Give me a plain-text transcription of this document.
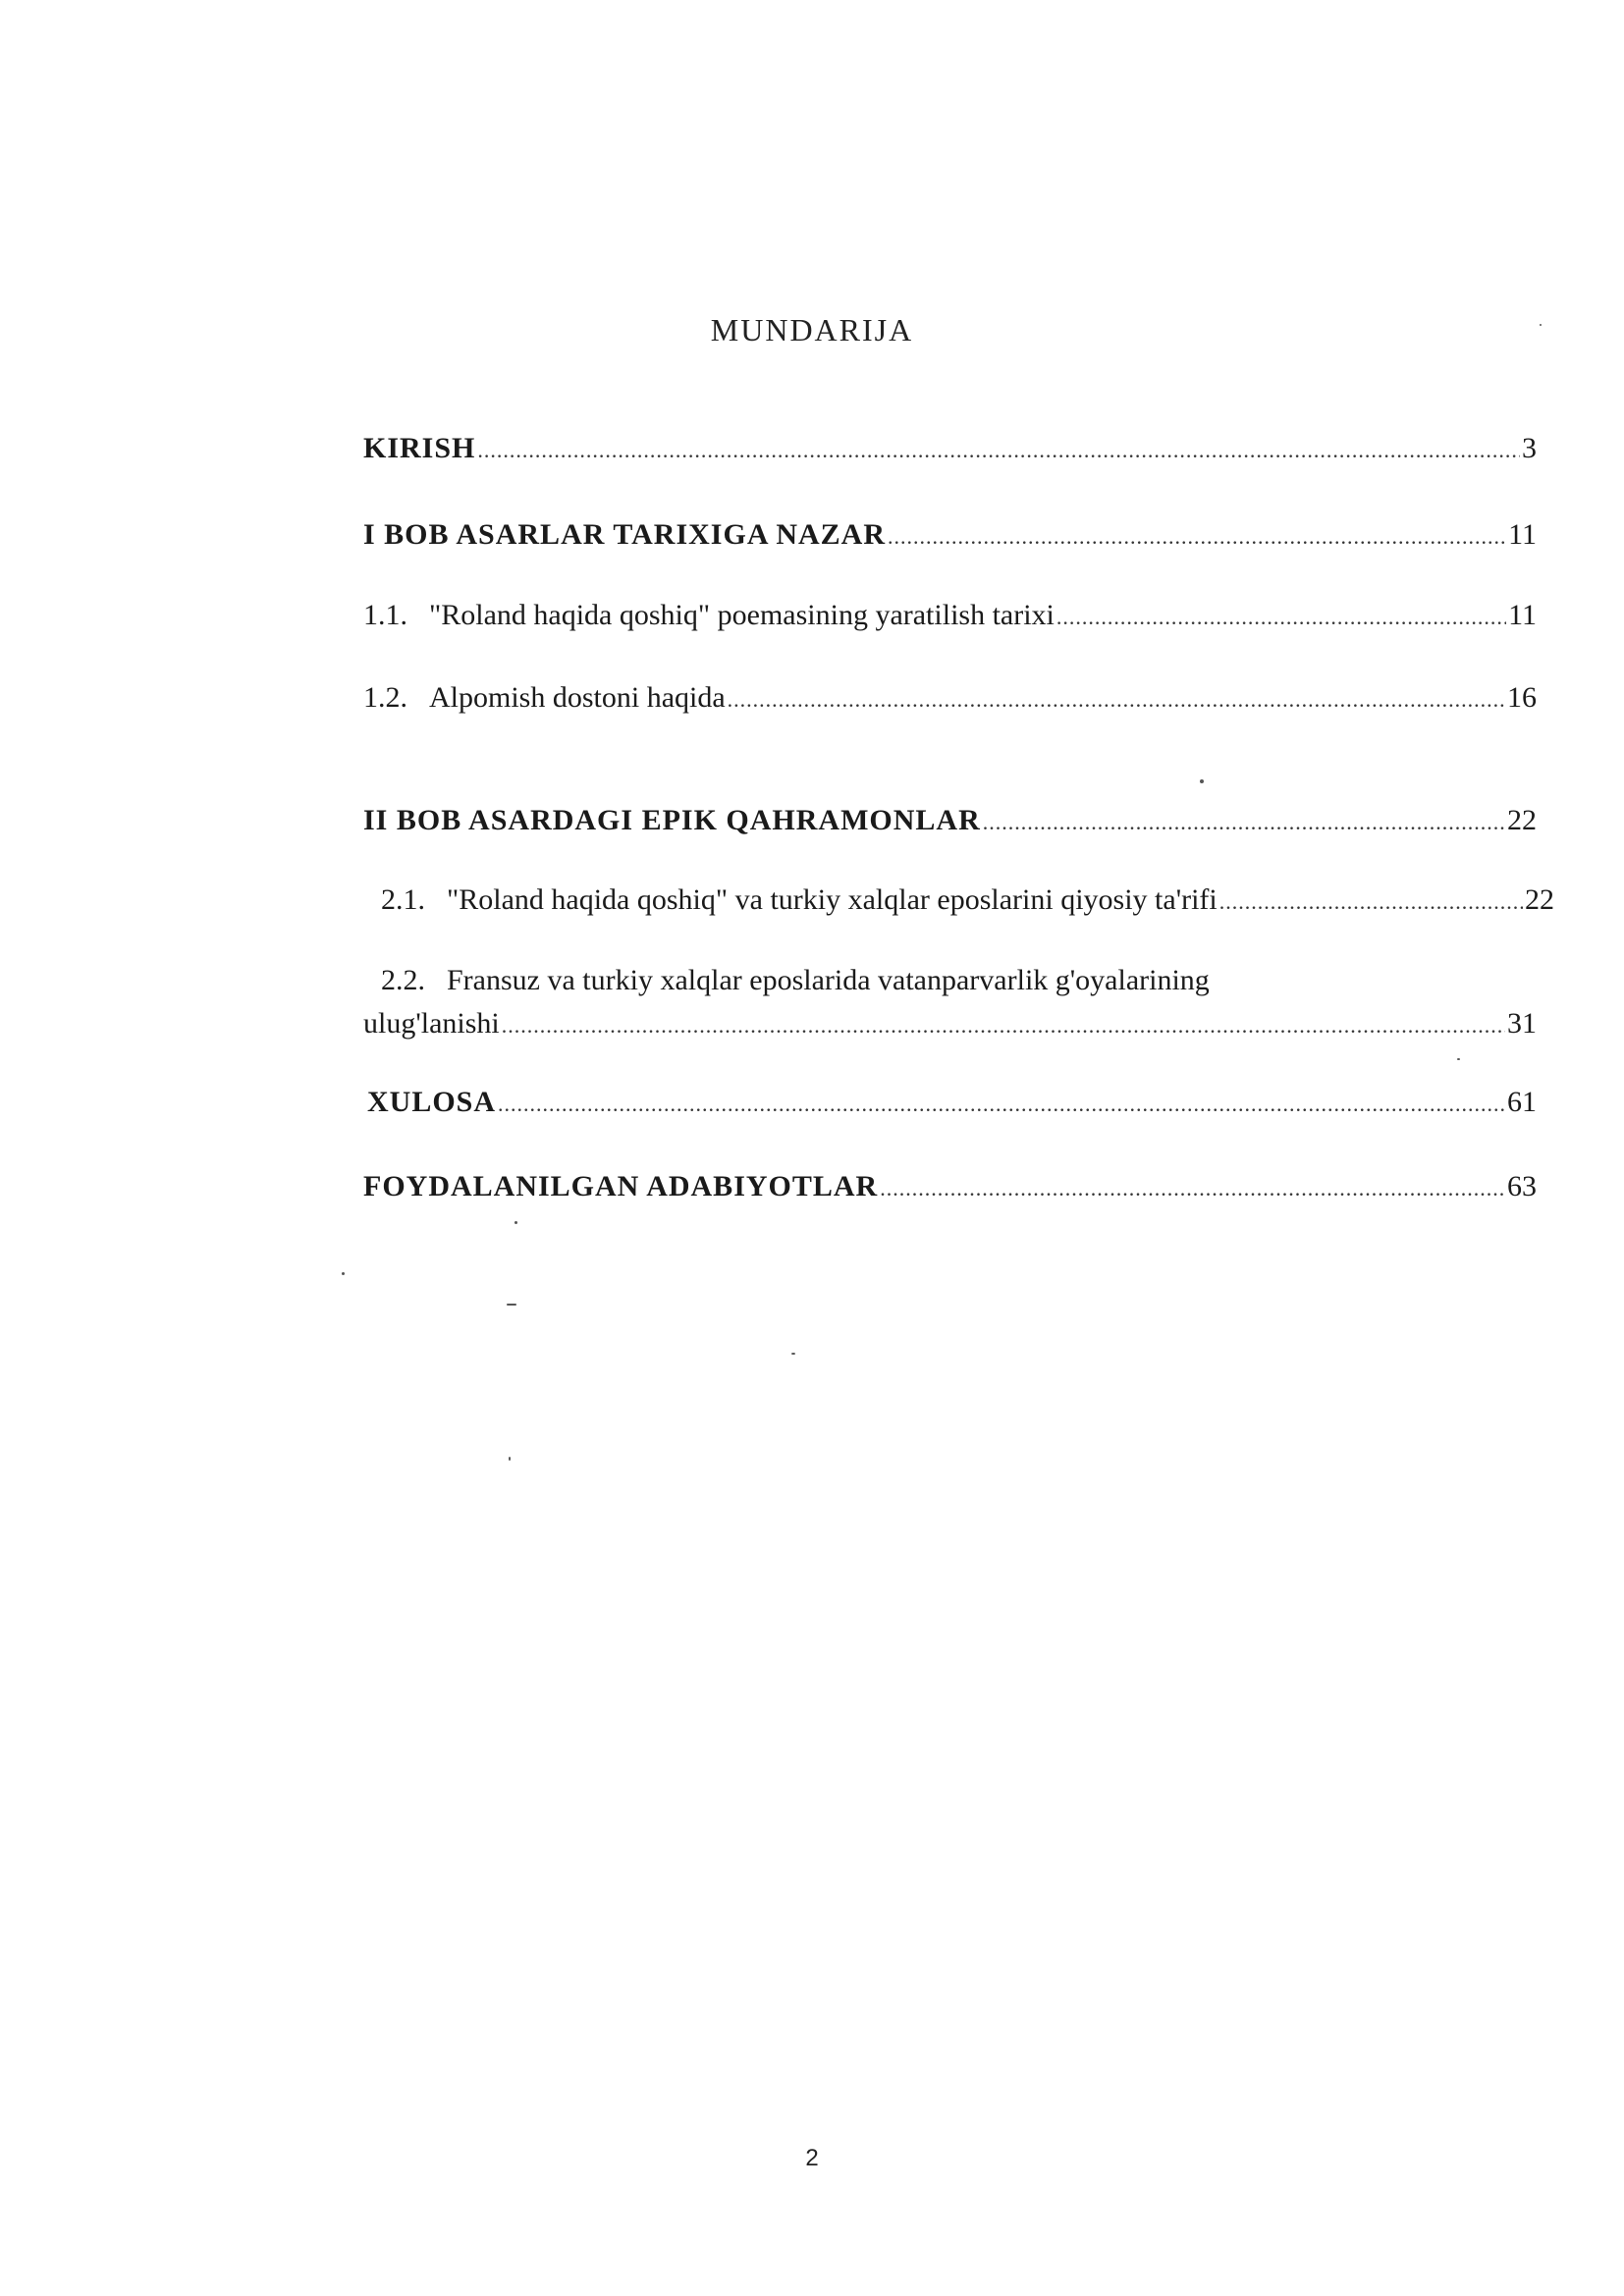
MUNDARIJA
KIRISH .....	3
I BOB ASARLAR TARIXIGA NAZAR .....	11
1.1. "Roland haqida qoshiq" poemasining yaratilish tarixi .....	11
1.2. Alpomish dostoni haqida .....	16
II BOB ASARDAGI EPIK QAHRAMONLAR .....	22
2.1. "Roland haqida qoshiq" va turkiy xalqlar eposlarini qiyosiy ta'rifi .....	22
2.2. Fransuz va turkiy xalqlar eposlarida vatanparvarlik g'oyalarining
ulug'lanishi .....	31
XULOSA .....	61
FOYDALANILGAN ADABIYOTLAR .....	63
2
